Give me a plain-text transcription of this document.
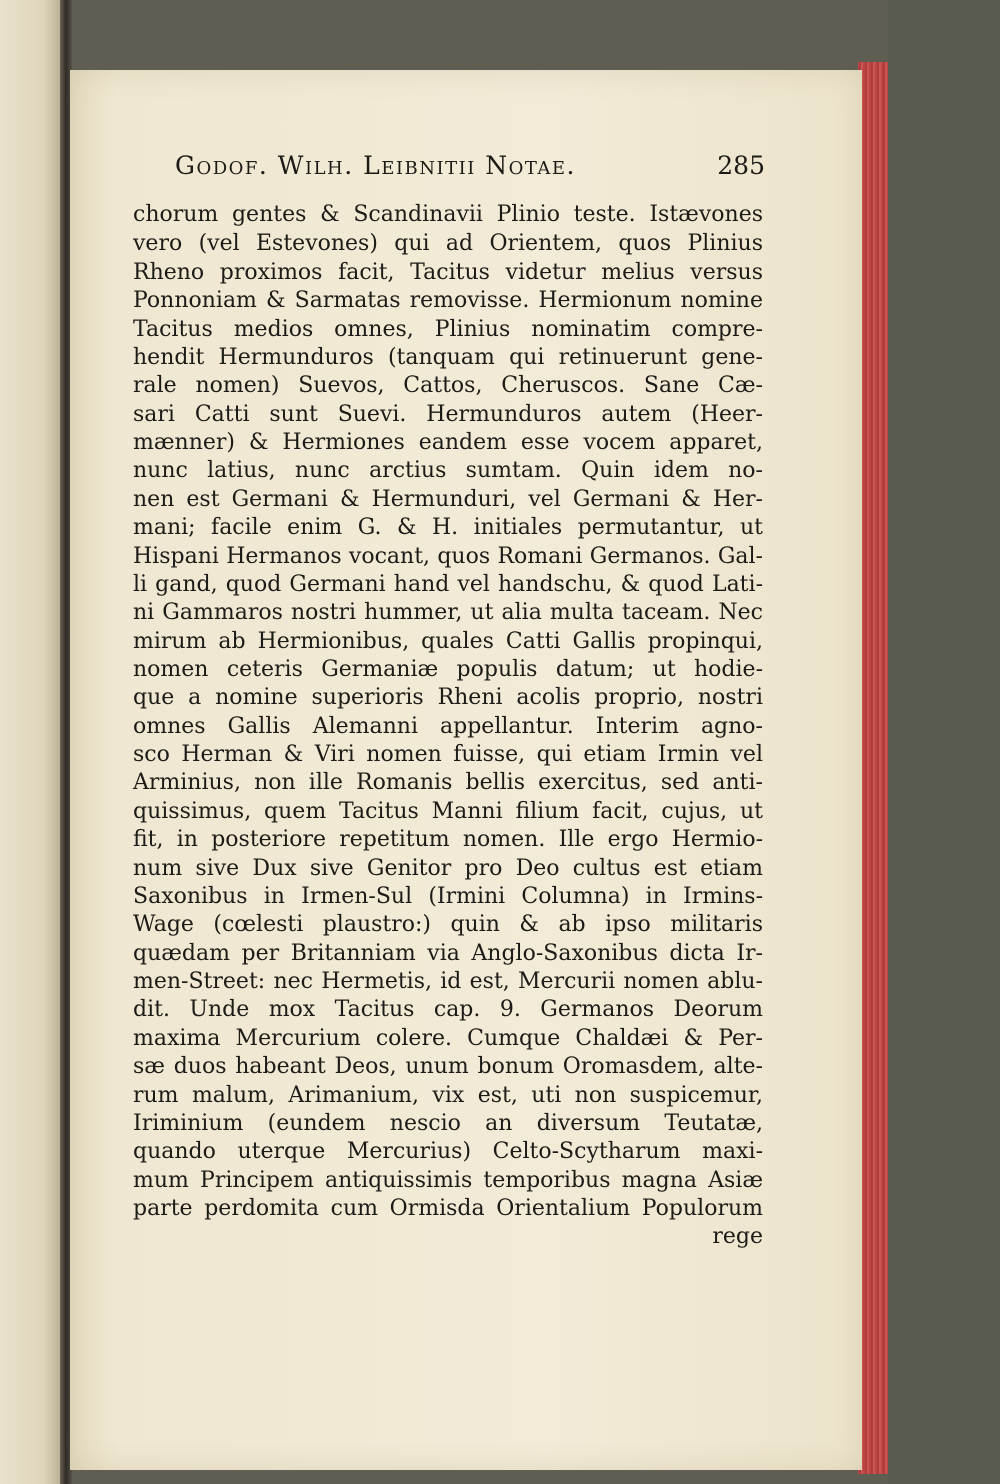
Godof. Wilh. Leibnitii Notae.	285
chorum gentes & Scandinavii Plinio teste. Istævones
vero (vel Estevones) qui ad Orientem, quos Plinius
Rheno proximos facit, Tacitus videtur melius versus
Ponnoniam & Sarmatas removisse. Hermionum nomine
Tacitus medios omnes, Plinius nominatim compre-
hendit Hermunduros (tanquam qui retinuerunt gene-
rale nomen) Suevos, Cattos, Cheruscos. Sane Cæ-
sari Catti sunt Suevi. Hermunduros autem (Heer-
mænner) & Hermiones eandem esse vocem apparet,
nunc latius, nunc arctius sumtam. Quin idem no-
nen est Germani & Hermunduri, vel Germani & Her-
mani; facile enim G. & H. initiales permutantur, ut
Hispani Hermanos vocant, quos Romani Germanos. Gal-
li gand, quod Germani hand vel handschu, & quod Lati-
ni Gammaros nostri hummer, ut alia multa taceam. Nec
mirum ab Hermionibus, quales Catti Gallis propinqui,
nomen ceteris Germaniæ populis datum; ut hodie-
que a nomine superioris Rheni acolis proprio, nostri
omnes Gallis Alemanni appellantur. Interim agno-
sco Herman & Viri nomen fuisse, qui etiam Irmin vel
Arminius, non ille Romanis bellis exercitus, sed anti-
quissimus, quem Tacitus Manni filium facit, cujus, ut
fit, in posteriore repetitum nomen. Ille ergo Hermio-
num sive Dux sive Genitor pro Deo cultus est etiam
Saxonibus in Irmen-Sul (Irmini Columna) in Irmins-
Wage (cœlesti plaustro:) quin & ab ipso militaris
quædam per Britanniam via Anglo-Saxonibus dicta Ir-
men-Street: nec Hermetis, id est, Mercurii nomen ablu-
dit. Unde mox Tacitus cap. 9. Germanos Deorum
maxima Mercurium colere. Cumque Chaldæi & Per-
sæ duos habeant Deos, unum bonum Oromasdem, alte-
rum malum, Arimanium, vix est, uti non suspicemur,
Iriminium (eundem nescio an diversum Teutatæ,
quando uterque Mercurius) Celto-Scytharum maxi-
mum Principem antiquissimis temporibus magna Asiæ
parte perdomita cum Ormisda Orientalium Populorum
rege
